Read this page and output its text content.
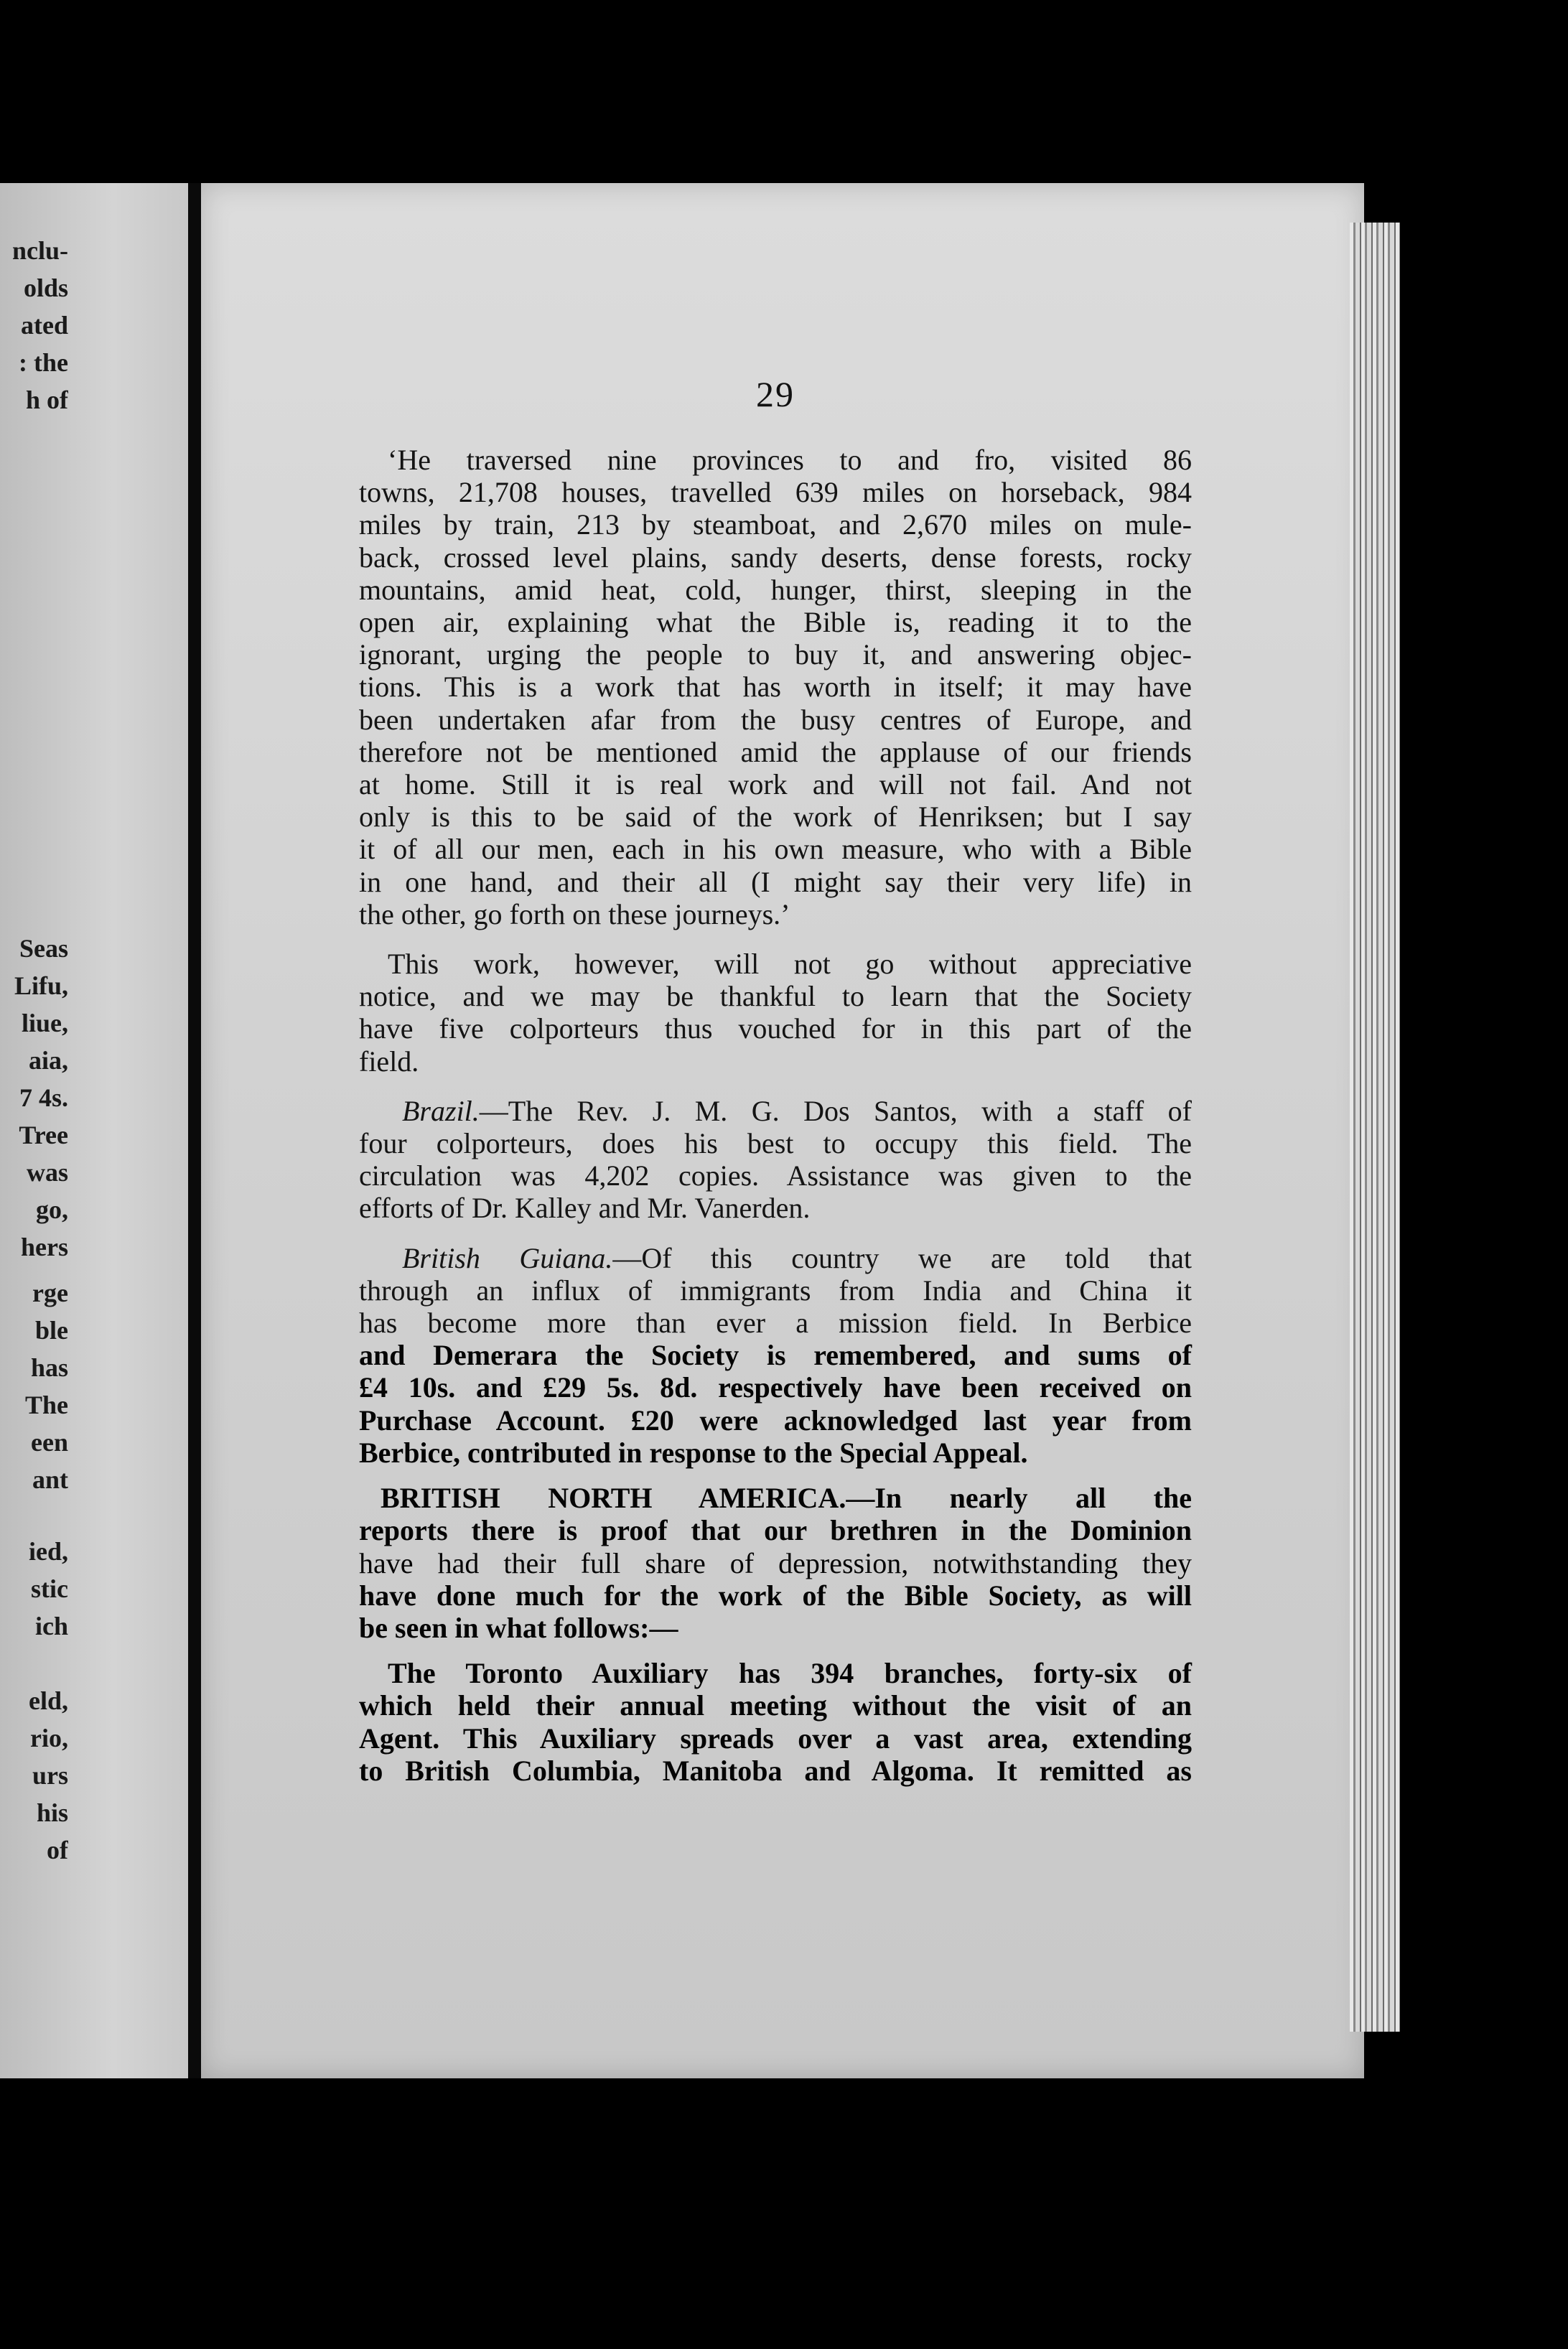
nclu-
olds
ated
: the
h of
Seas
Lifu,
liue,
aia,
7 4s.
Tree
was
go,
hers
rge
ble
has
The
een
ant
ied,
stic
ich
eld,
rio,
urs
his
of
29
‘He traversed nine provinces to and fro, visited 86
towns, 21,708 houses, travelled 639 miles on horseback, 984
miles by train, 213 by steamboat, and 2,670 miles on mule-
back, crossed level plains, sandy deserts, dense forests, rocky
mountains, amid heat, cold, hunger, thirst, sleeping in the
open air, explaining what the Bible is, reading it to the
ignorant, urging the people to buy it, and answering objec-
tions. This is a work that has worth in itself; it may have
been undertaken afar from the busy centres of Europe, and
therefore not be mentioned amid the applause of our friends
at home. Still it is real work and will not fail. And not
only is this to be said of the work of Henriksen; but I say
it of all our men, each in his own measure, who with a Bible
in one hand, and their all (I might say their very life) in
the other, go forth on these journeys.’
This work, however, will not go without appreciative
notice, and we may be thankful to learn that the Society
have five colporteurs thus vouched for in this part of the
field.
Brazil.—The Rev. J. M. G. Dos Santos, with a staff of
four colporteurs, does his best to occupy this field. The
circulation was 4,202 copies. Assistance was given to the
efforts of Dr. Kalley and Mr. Vanerden.
British Guiana.—Of this country we are told that
through an influx of immigrants from India and China it
has become more than ever a mission field. In Berbice
and Demerara the Society is remembered, and sums of
£4 10s. and £29 5s. 8d. respectively have been received on
Purchase Account. £20 were acknowledged last year from
Berbice, contributed in response to the Special Appeal.
BRITISH NORTH AMERICA.—In nearly all the
reports there is proof that our brethren in the Dominion
have had their full share of depression, notwithstanding they
have done much for the work of the Bible Society, as will
be seen in what follows:—
The Toronto Auxiliary has 394 branches, forty-six of
which held their annual meeting without the visit of an
Agent. This Auxiliary spreads over a vast area, extending
to British Columbia, Manitoba and Algoma. It remitted as
